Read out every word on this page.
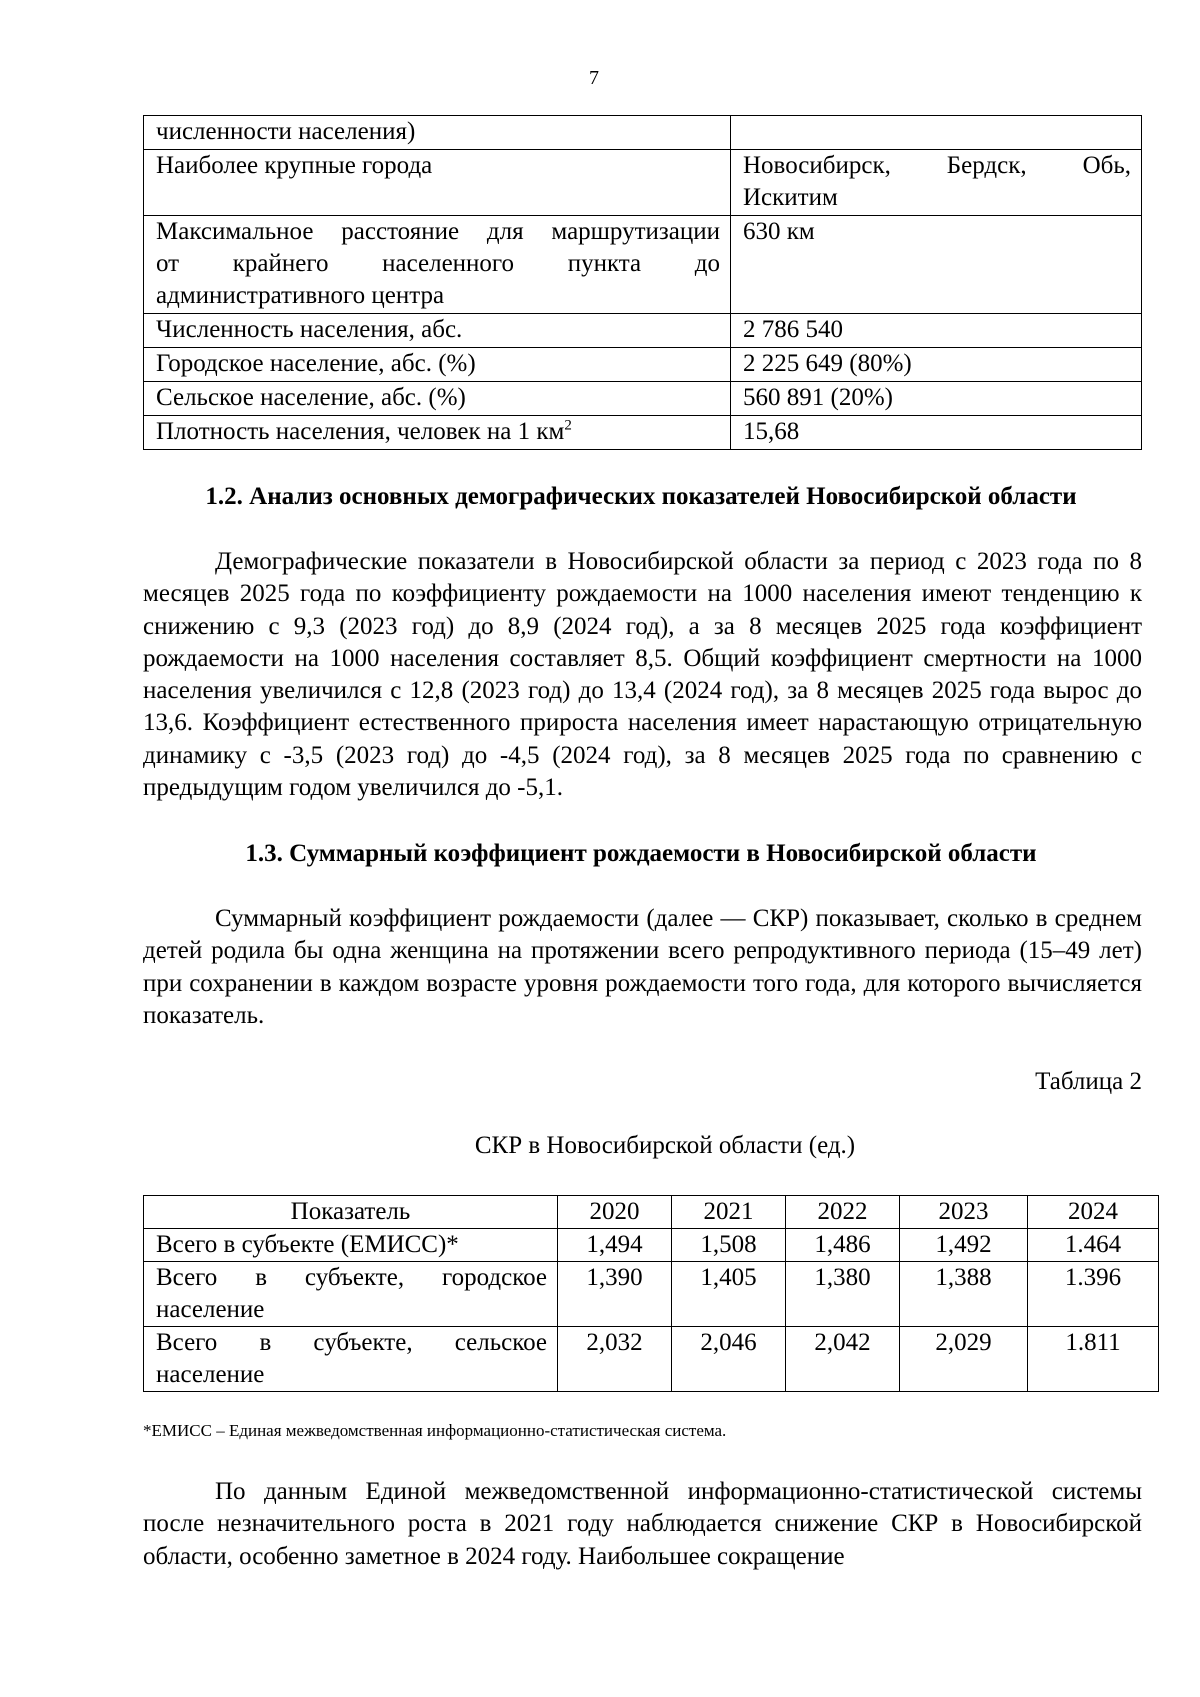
7
численности населения)	
Наиболее крупные города	Новосибирск, Бердск, Обь,
Искитим

Максимальное расстояние для маршрутизации
от крайнего населенного пункта до
административного центра	630 км
Численность населения, абс.	2 786 540
Городское население, абс. (%)	2 225 649 (80%)
Сельское население, абс. (%)	560 891 (20%)
Плотность населения, человек на 1 $км^2$	15,68
1.2. Анализ основных демографических показателей Новосибирской области

Демографические показатели в Новосибирской области за период с 2023 года по 8 месяцев 2025 года по коэффициенту рождаемости на 1000 населения имеют тенденцию к снижению с 9,3 (2023 год) до 8,9 (2024 год), а за 8 месяцев 2025 года коэффициент рождаемости на 1000 населения составляет 8,5. Общий коэффициент смертности на 1000 населения увеличился с 12,8 (2023 год) до 13,4 (2024 год), за 8 месяцев 2025 года вырос до 13,6. Коэффициент естественного прироста населения имеет нарастающую отрицательную динамику с -3,5 (2023 год) до -4,5 (2024 год), за 8 месяцев 2025 года по сравнению с предыдущим годом увеличился до -5,1.

1.3. Суммарный коэффициент рождаемости в Новосибирской области

Суммарный коэффициент рождаемости (далее — СКР) показывает, сколько в среднем детей родила бы одна женщина на протяжении всего репродуктивного периода (15–49 лет) при сохранении в каждом возрасте уровня рождаемости того года, для которого вычисляется показатель.

Таблица 2
СКР в Новосибирской области (ед.)
Показатель	2020	2021	2022	2023	2024
Всего в субъекте (ЕМИСС)*	1,494	1,508	1,486	1,492	1.464

Всего в субъекте, городское
население	1,390	1,405	1,380	1,388	1.396

Всего в субъекте, сельское
население	2,032	2,046	2,042	2,029	1.811
*ЕМИСС – Единая межведомственная информационно-статистическая система.

По данным Единой межведомственной информационно-статистической системы после незначительного роста в 2021 году наблюдается снижение СКР в Новосибирской области, особенно заметное в 2024 году. Наибольшее сокращение
